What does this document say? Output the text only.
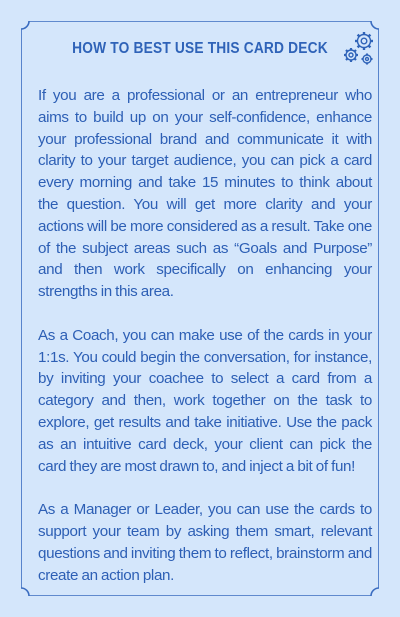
HOW TO BEST USE THIS CARD DECK

If you are a professional or an entrepreneur who aims to build up on your self-confidence, enhance your professional brand and communicate it with clarity to your target audience, you can pick a card every morning and take 15 minutes to think about the question. You will get more clarity and your actions will be more considered as a result. Take one of the subject areas such as “Goals and Purpose” and then work specifically on enhancing your strengths in this area.

As a Coach, you can make use of the cards in your 1:1s. You could begin the conversation, for instance, by inviting your coachee to select a card from a category and then, work together on the task to explore, get results and take initiative. Use the pack as an intuitive card deck, your client can pick the card they are most drawn to, and inject a bit of fun!

As a Manager or Leader, you can use the cards to support your team by asking them smart, relevant questions and inviting them to reflect, brainstorm and create an action plan.
